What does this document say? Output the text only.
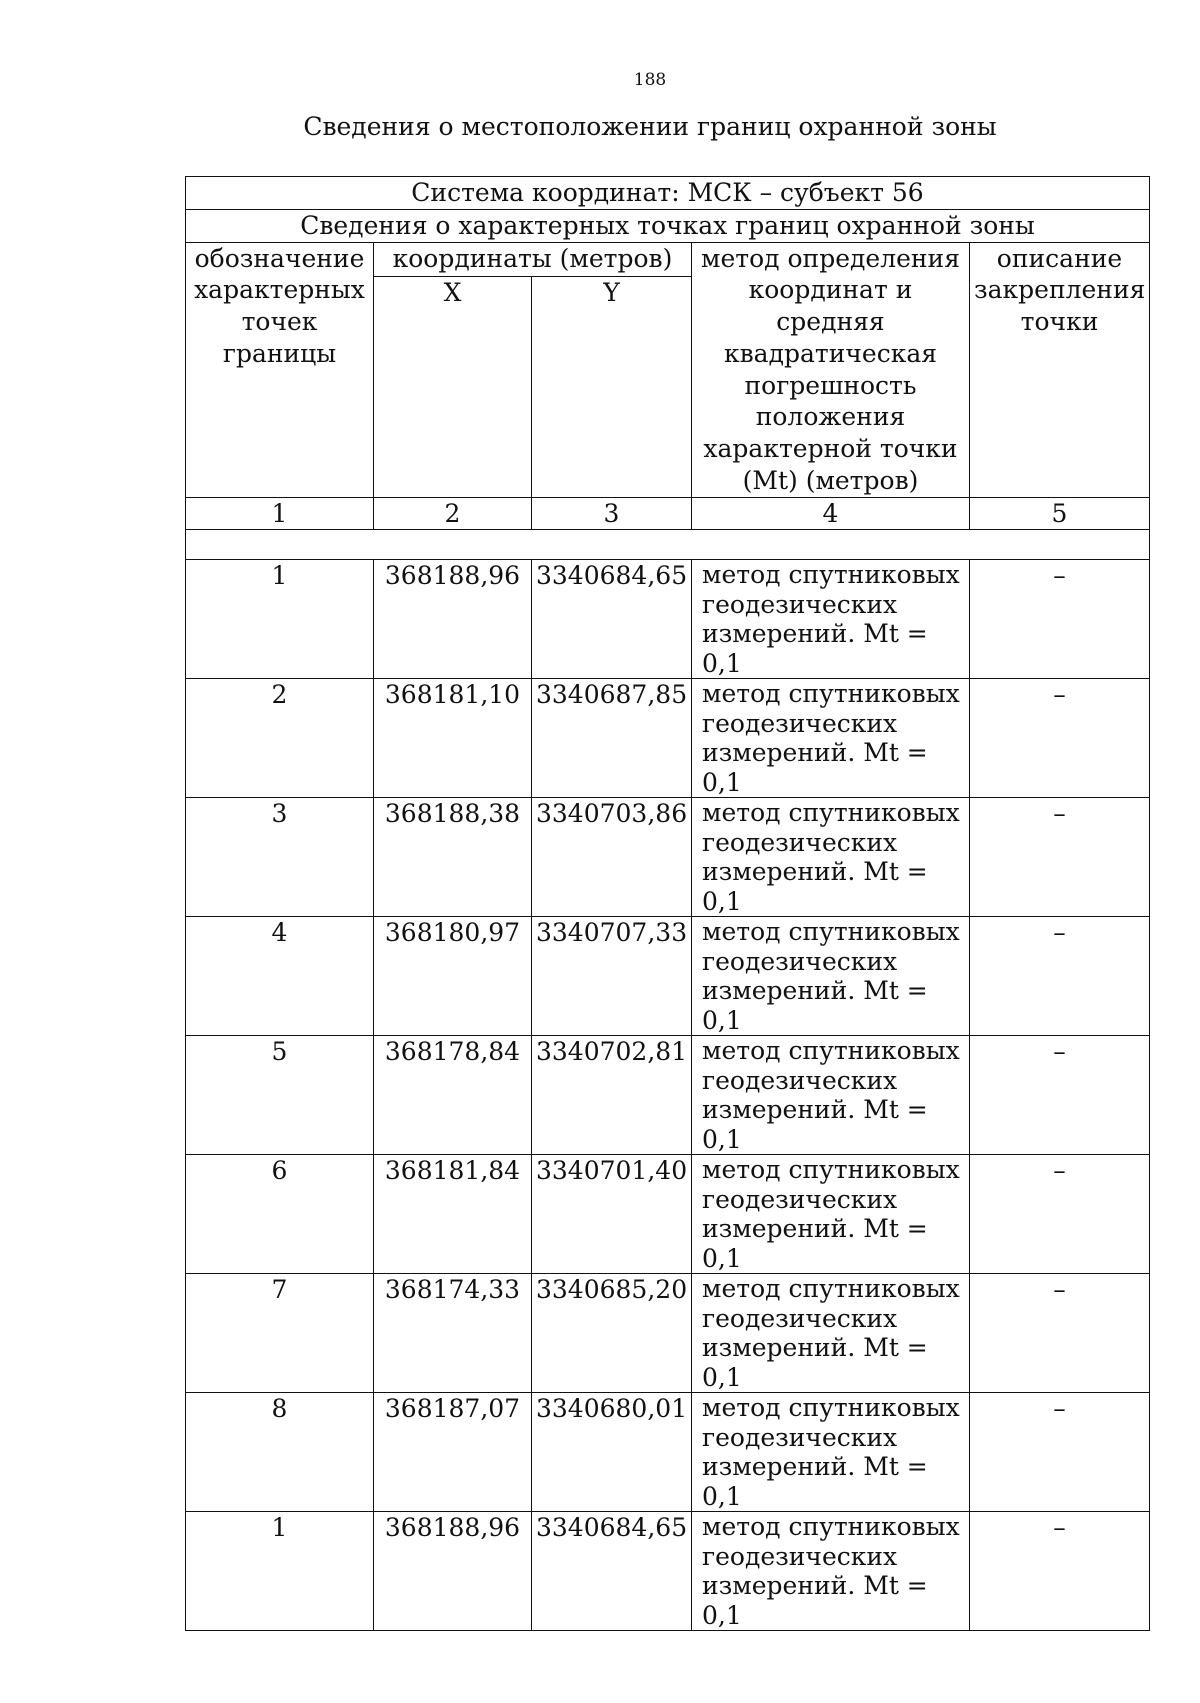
188
Сведения о местоположении границ охранной зоны
Система координат: МСК – субъект 56				
Сведения о характерных точках границ охранной зоны				
обозначение характерных точек границы	координаты (метров)		метод определения координат и средняя квадратическая погрешность положения характерной точки (Mt) (метров)	описание закрепления точки
	X	Y		
1	2	3	4	5

1	368188,96	3340684,65	метод спутниковых геодезических измерений. Mt = 0,1	–
2	368181,10	3340687,85	метод спутниковых геодезических измерений. Mt = 0,1	–
3	368188,38	3340703,86	метод спутниковых геодезических измерений. Mt = 0,1	–
4	368180,97	3340707,33	метод спутниковых геодезических измерений. Mt = 0,1	–
5	368178,84	3340702,81	метод спутниковых геодезических измерений. Mt = 0,1	–
6	368181,84	3340701,40	метод спутниковых геодезических измерений. Mt = 0,1	–
7	368174,33	3340685,20	метод спутниковых геодезических измерений. Mt = 0,1	–
8	368187,07	3340680,01	метод спутниковых геодезических измерений. Mt = 0,1	–
1	368188,96	3340684,65	метод спутниковых геодезических измерений. Mt = 0,1	–
